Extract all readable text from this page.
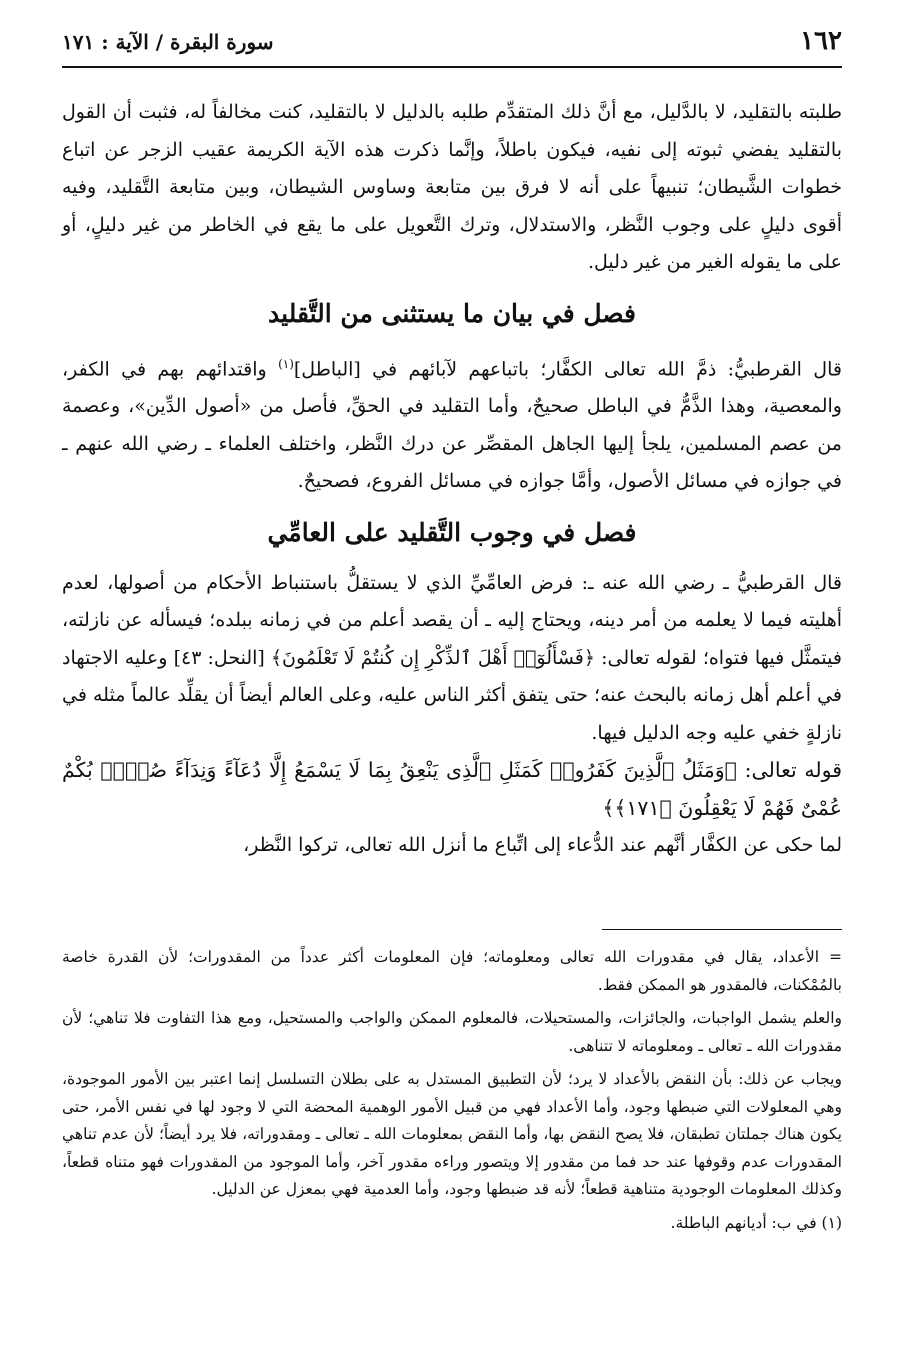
١٦٢
سورة البقرة / الآية : ١٧١

طلبته بالتقليد، لا بالدَّليل، مع أنَّ ذلك المتقدِّم طلبه بالدليل لا بالتقليد، كنت مخالفاً له، فثبت أن القول بالتقليد يفضي ثبوته إلى نفيه، فيكون باطلاً، وإنَّما ذكرت هذه الآية الكريمة عقيب الزجر عن اتباع خطوات الشَّيطان؛ تنبيهاً على أنه لا فرق بين متابعة وساوس الشيطان، وبين متابعة التَّقليد، وفيه أقوى دليلٍ على وجوب النَّظر، والاستدلال، وترك التَّعويل على ما يقع في الخاطر من غير دليلٍ، أو على ما يقوله الغير من غير دليل.

فصل في بيان ما يستثنى من التَّقليد

قال القرطبيُّ: ذمَّ الله تعالى الكفَّار؛ باتباعهم لآبائهم في [الباطل]$^{(١)}$ واقتدائهم بهم في الكفر، والمعصية، وهذا الذَّمُّ في الباطل صحيحٌ، وأما التقليد في الحقِّ، فأصل من «أصول الدِّين»، وعصمة من عصم المسلمين، يلجأ إليها الجاهل المقصِّر عن درك النَّظر، واختلف العلماء ـ رضي الله عنهم ـ في جوازه في مسائل الأصول، وأمَّا جوازه في مسائل الفروع، فصحيحٌ.

فصل في وجوب التَّقليد على العامِّي

قال القرطبيُّ ـ رضي الله عنه ـ: فرض العامِّيِّ الذي لا يستقلُّ باستنباط الأحكام من أصولها، لعدم أهليته فيما لا يعلمه من أمر دينه، ويحتاج إليه ـ أن يقصد أعلم من في زمانه ببلده؛ فيسأله عن نازلته، فيتمثَّل فيها فتواه؛ لقوله تعالى: ﴿فَسْأَلُوٓا۟ أَهْلَ ٱلذِّكْرِ إِن كُنتُمْ لَا تَعْلَمُونَ﴾ [النحل: ٤٣] وعليه الاجتهاد في أعلم أهل زمانه بالبحث عنه؛ حتى يتفق أكثر الناس عليه، وعلى العالم أيضاً أن يقلِّد عالماً مثله في نازلةٍ خفي عليه وجه الدليل فيها.

قوله تعالى: ﴿وَمَثَلُ ٱلَّذِينَ كَفَرُوا۟ كَمَثَلِ ٱلَّذِى يَنْعِقُ بِمَا لَا يَسْمَعُ إِلَّا دُعَآءً وَنِدَآءً صُمٌّۢ بُكْمٌ عُمْىٌ فَهُمْ لَا يَعْقِلُونَ ﴿١٧١﴾﴾

لما حكى عن الكفَّار أنَّهم عند الدُّعاء إلى اتِّباع ما أنزل الله تعالى، تركوا النَّظر،

= الأعداد، يقال في مقدورات الله تعالى ومعلوماته؛ فإن المعلومات أكثر عدداً من المقدورات؛ لأن القدرة خاصة بالمُمْكنات، فالمقدور هو الممكن فقط.

والعلم يشمل الواجبات، والجائزات، والمستحيلات، فالمعلوم الممكن والواجب والمستحيل، ومع هذا التفاوت فلا تناهي؛ لأن مقدورات الله ـ تعالى ـ ومعلوماته لا تتناهى.

ويجاب عن ذلك: بأن النقض بالأعداد لا يرد؛ لأن التطبيق المستدل به على بطلان التسلسل إنما اعتبر بين الأمور الموجودة، وهي المعلولات التي ضبطها وجود، وأما الأعداد فهي من قبيل الأمور الوهمية المحضة التي لا وجود لها في نفس الأمر، حتى يكون هناك جملتان تطبقان، فلا يصح النقض بها، وأما النقض بمعلومات الله ـ تعالى ـ ومقدوراته، فلا يرد أيضاً؛ لأن عدم تناهي المقدورات عدم وقوفها عند حد فما من مقدور إلا ويتصور وراءه مقدور آخر، وأما الموجود من المقدورات فهو متناه قطعاً، وكذلك المعلومات الوجودية متناهية قطعاً؛ لأنه قد ضبطها وجود، وأما العدمية فهي بمعزل عن الدليل.

(١) في ب: أديانهم الباطلة.
